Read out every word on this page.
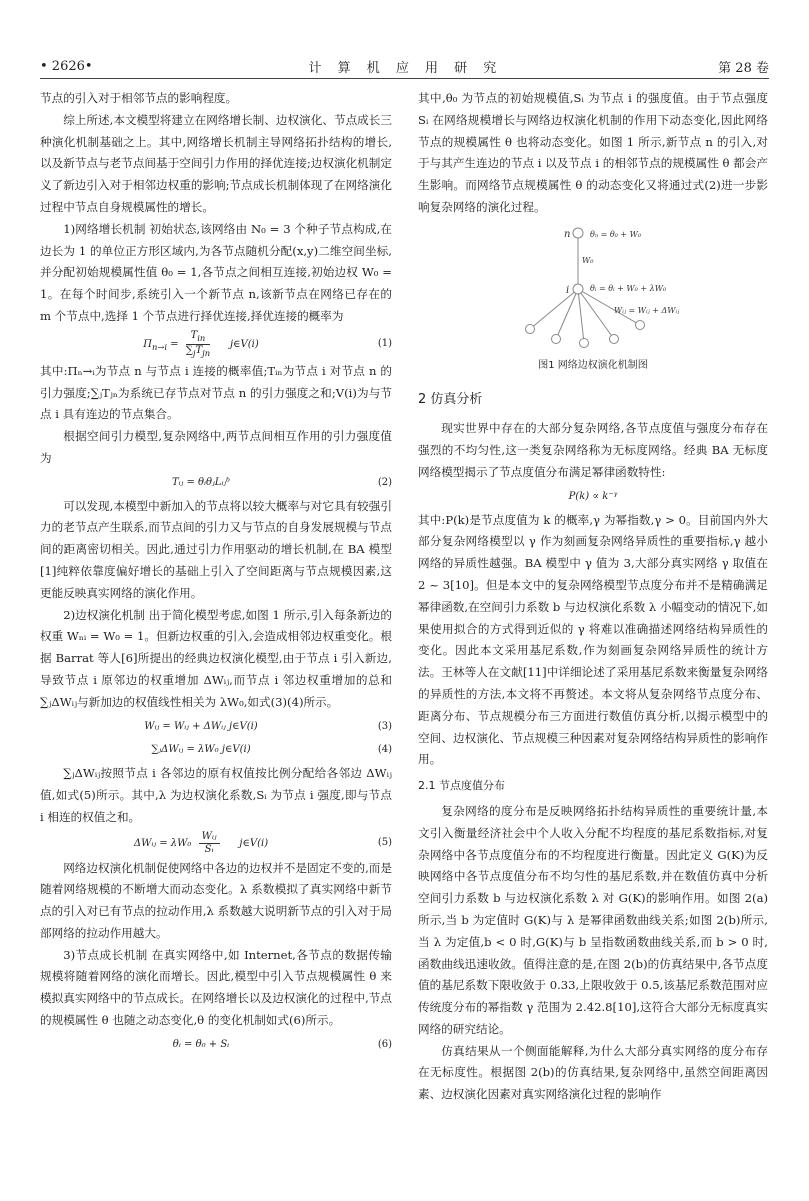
• 2626•	计 算 机 应 用 研 究	第 28 卷

节点的引入对于相邻节点的影响程度。

综上所述,本文模型将建立在网络增长制、边权演化、节点成长三种演化机制基础之上。其中,网络增长机制主导网络拓扑结构的增长,以及新节点与老节点间基于空间引力作用的择优连接;边权演化机制定义了新边引入对于相邻边权重的影响;节点成长机制体现了在网络演化过程中节点自身规模属性的增长。

1)网络增长机制 初始状态,该网络由 N₀ = 3 个种子节点构成,在边长为 1 的单位正方形区域内,为各节点随机分配(x,y)二维空间坐标,并分配初始规模属性值 θ₀ = 1,各节点之间相互连接,初始边权 W₀ = 1。在每个时间步,系统引入一个新节点 n,该新节点在网络已存在的 m 个节点中,选择 1 个节点进行择优连接,择优连接的概率为

$\Pi_{n\to i} = \frac{T_{in}}{\sum_jT_{jn}}$ j∈V(i)	(1)

其中:Πₙ→ᵢ为节点 n 与节点 i 连接的概率值;Tᵢₙ为节点 i 对节点 n 的引力强度;∑ⱼTⱼₙ为系统已存节点对节点 n 的引力强度之和;V(i)为与节点 i 具有连边的节点集合。

根据空间引力模型,复杂网络中,两节点间相互作用的引力强度值为

Tᵢⱼ = θᵢθⱼLᵢⱼᵇ	(2)

可以发现,本模型中新加入的节点将以较大概率与对它具有较强引力的老节点产生联系,而节点间的引力又与节点的自身发展规模与节点间的距离密切相关。因此,通过引力作用驱动的增长机制,在 BA 模型[1]纯粹依靠度偏好增长的基础上引入了空间距离与节点规模因素,这更能反映真实网络的演化作用。

2)边权演化机制 出于简化模型考虑,如图 1 所示,引入每条新边的权重 Wₙᵢ = W₀ = 1。但新边权重的引入,会造成相邻边权重变化。根据 Barrat 等人[6]所提出的经典边权演化模型,由于节点 i 引入新边,导致节点 i 原邻边的权重增加 ΔWᵢⱼ,而节点 i 邻边权重增加的总和∑ⱼΔWᵢⱼ与新加边的权值线性相关为 λW₀,如式(3)(4)所示。

Wᵢⱼ = Wᵢⱼ + ΔWᵢⱼ j∈V(i)	(3)
∑ⱼΔWᵢⱼ = λW₀ j∈V(i)	(4)

∑ⱼΔWᵢⱼ按照节点 i 各邻边的原有权值按比例分配给各邻边 ΔWᵢⱼ值,如式(5)所示。其中,λ 为边权演化系数,Sᵢ 为节点 i 强度,即与节点 i 相连的权值之和。

ΔWᵢⱼ = $\lambda W_0 \frac{\text{Wᵢⱼ}}{\text{Sᵢ}}$ j∈V(i)	(5)

网络边权演化机制促使网络中各边的边权并不是固定不变的,而是随着网络规模的不断增大而动态变化。λ 系数模拟了真实网络中新节点的引入对已有节点的拉动作用,λ 系数越大说明新节点的引入对于局部网络的拉动作用越大。

3)节点成长机制 在真实网络中,如 Internet,各节点的数据传输规模将随着网络的演化而增长。因此,模型中引入节点规模属性 θ 来模拟真实网络中的节点成长。在网络增长以及边权演化的过程中,节点的规模属性 θ 也随之动态变化,θ 的变化机制如式(6)所示。

θᵢ = θ₀ + Sᵢ	(6)

其中,θ₀ 为节点的初始规模值,Sᵢ 为节点 i 的强度值。由于节点强度 Sᵢ 在网络规模增长与网络边权演化机制的作用下动态变化,因此网络节点的规模属性 θ 也将动态变化。如图 1 所示,新节点 n 的引入,对于与其产生连边的节点 i 以及节点 i 的相邻节点的规模属性 θ 都会产生影响。而网络节点规模属性 θ 的动态变化又将通过式(2)进一步影响复杂网络的演化过程。

n
i
θₙ = θ₀ + W₀
W₀
θᵢ = θᵢ + W₀ + λW₀
Wᵢⱼ = Wᵢⱼ + ΔWᵢⱼ
图1 网络边权演化机制图
2 仿真分析

现实世界中存在的大部分复杂网络,各节点度值与强度分布存在强烈的不均匀性,这一类复杂网络称为无标度网络。经典 BA 无标度网络模型揭示了节点度值分布满足幂律函数特性:

P(k) ∝ k⁻ᵞ

其中:P(k)是节点度值为 k 的概率,γ 为幂指数,γ > 0。目前国内外大部分复杂网络模型以 γ 作为刻画复杂网络异质性的重要指标,γ 越小网络的异质性越强。BA 模型中 γ 值为 3,大部分真实网络 γ 取值在 2 ~ 3[10]。但是本文中的复杂网络模型节点度分布并不是精确满足幂律函数,在空间引力系数 b 与边权演化系数 λ 小幅变动的情况下,如果使用拟合的方式得到近似的 γ 将难以准确描述网络结构异质性的变化。因此本文采用基尼系数,作为刻画复杂网络异质性的统计方法。王林等人在文献[11]中详细论述了采用基尼系数来衡量复杂网络的异质性的方法,本文将不再赘述。本文将从复杂网络节点度分布、距离分布、节点规模分布三方面进行数值仿真分析,以揭示模型中的空间、边权演化、节点规模三种因素对复杂网络结构异质性的影响作用。

2.1 节点度值分布

复杂网络的度分布是反映网络拓扑结构异质性的重要统计量,本文引入衡量经济社会中个人收入分配不均程度的基尼系数指标,对复杂网络中各节点度值分布的不均程度进行衡量。因此定义 G(K)为反映网络中各节点度值分布不均匀性的基尼系数,并在数值仿真中分析空间引力系数 b 与边权演化系数 λ 对 G(K)的影响作用。如图 2(a)所示,当 b 为定值时 G(K)与 λ 是幂律函数曲线关系;如图 2(b)所示,当 λ 为定值,b < 0 时,G(K)与 b 呈指数函数曲线关系,而 b > 0 时,函数曲线迅速收敛。值得注意的是,在图 2(b)的仿真结果中,各节点度值的基尼系数下限收敛于 0.33,上限收敛于 0.5,该基尼系数范围对应传统度分布的幂指数 γ 范围为 2.42.8[10],这符合大部分无标度真实网络的研究结论。

仿真结果从一个侧面能解释,为什么大部分真实网络的度分布存在无标度性。根据图 2(b)的仿真结果,复杂网络中,虽然空间距离因素、边权演化因素对真实网络演化过程的影响作
